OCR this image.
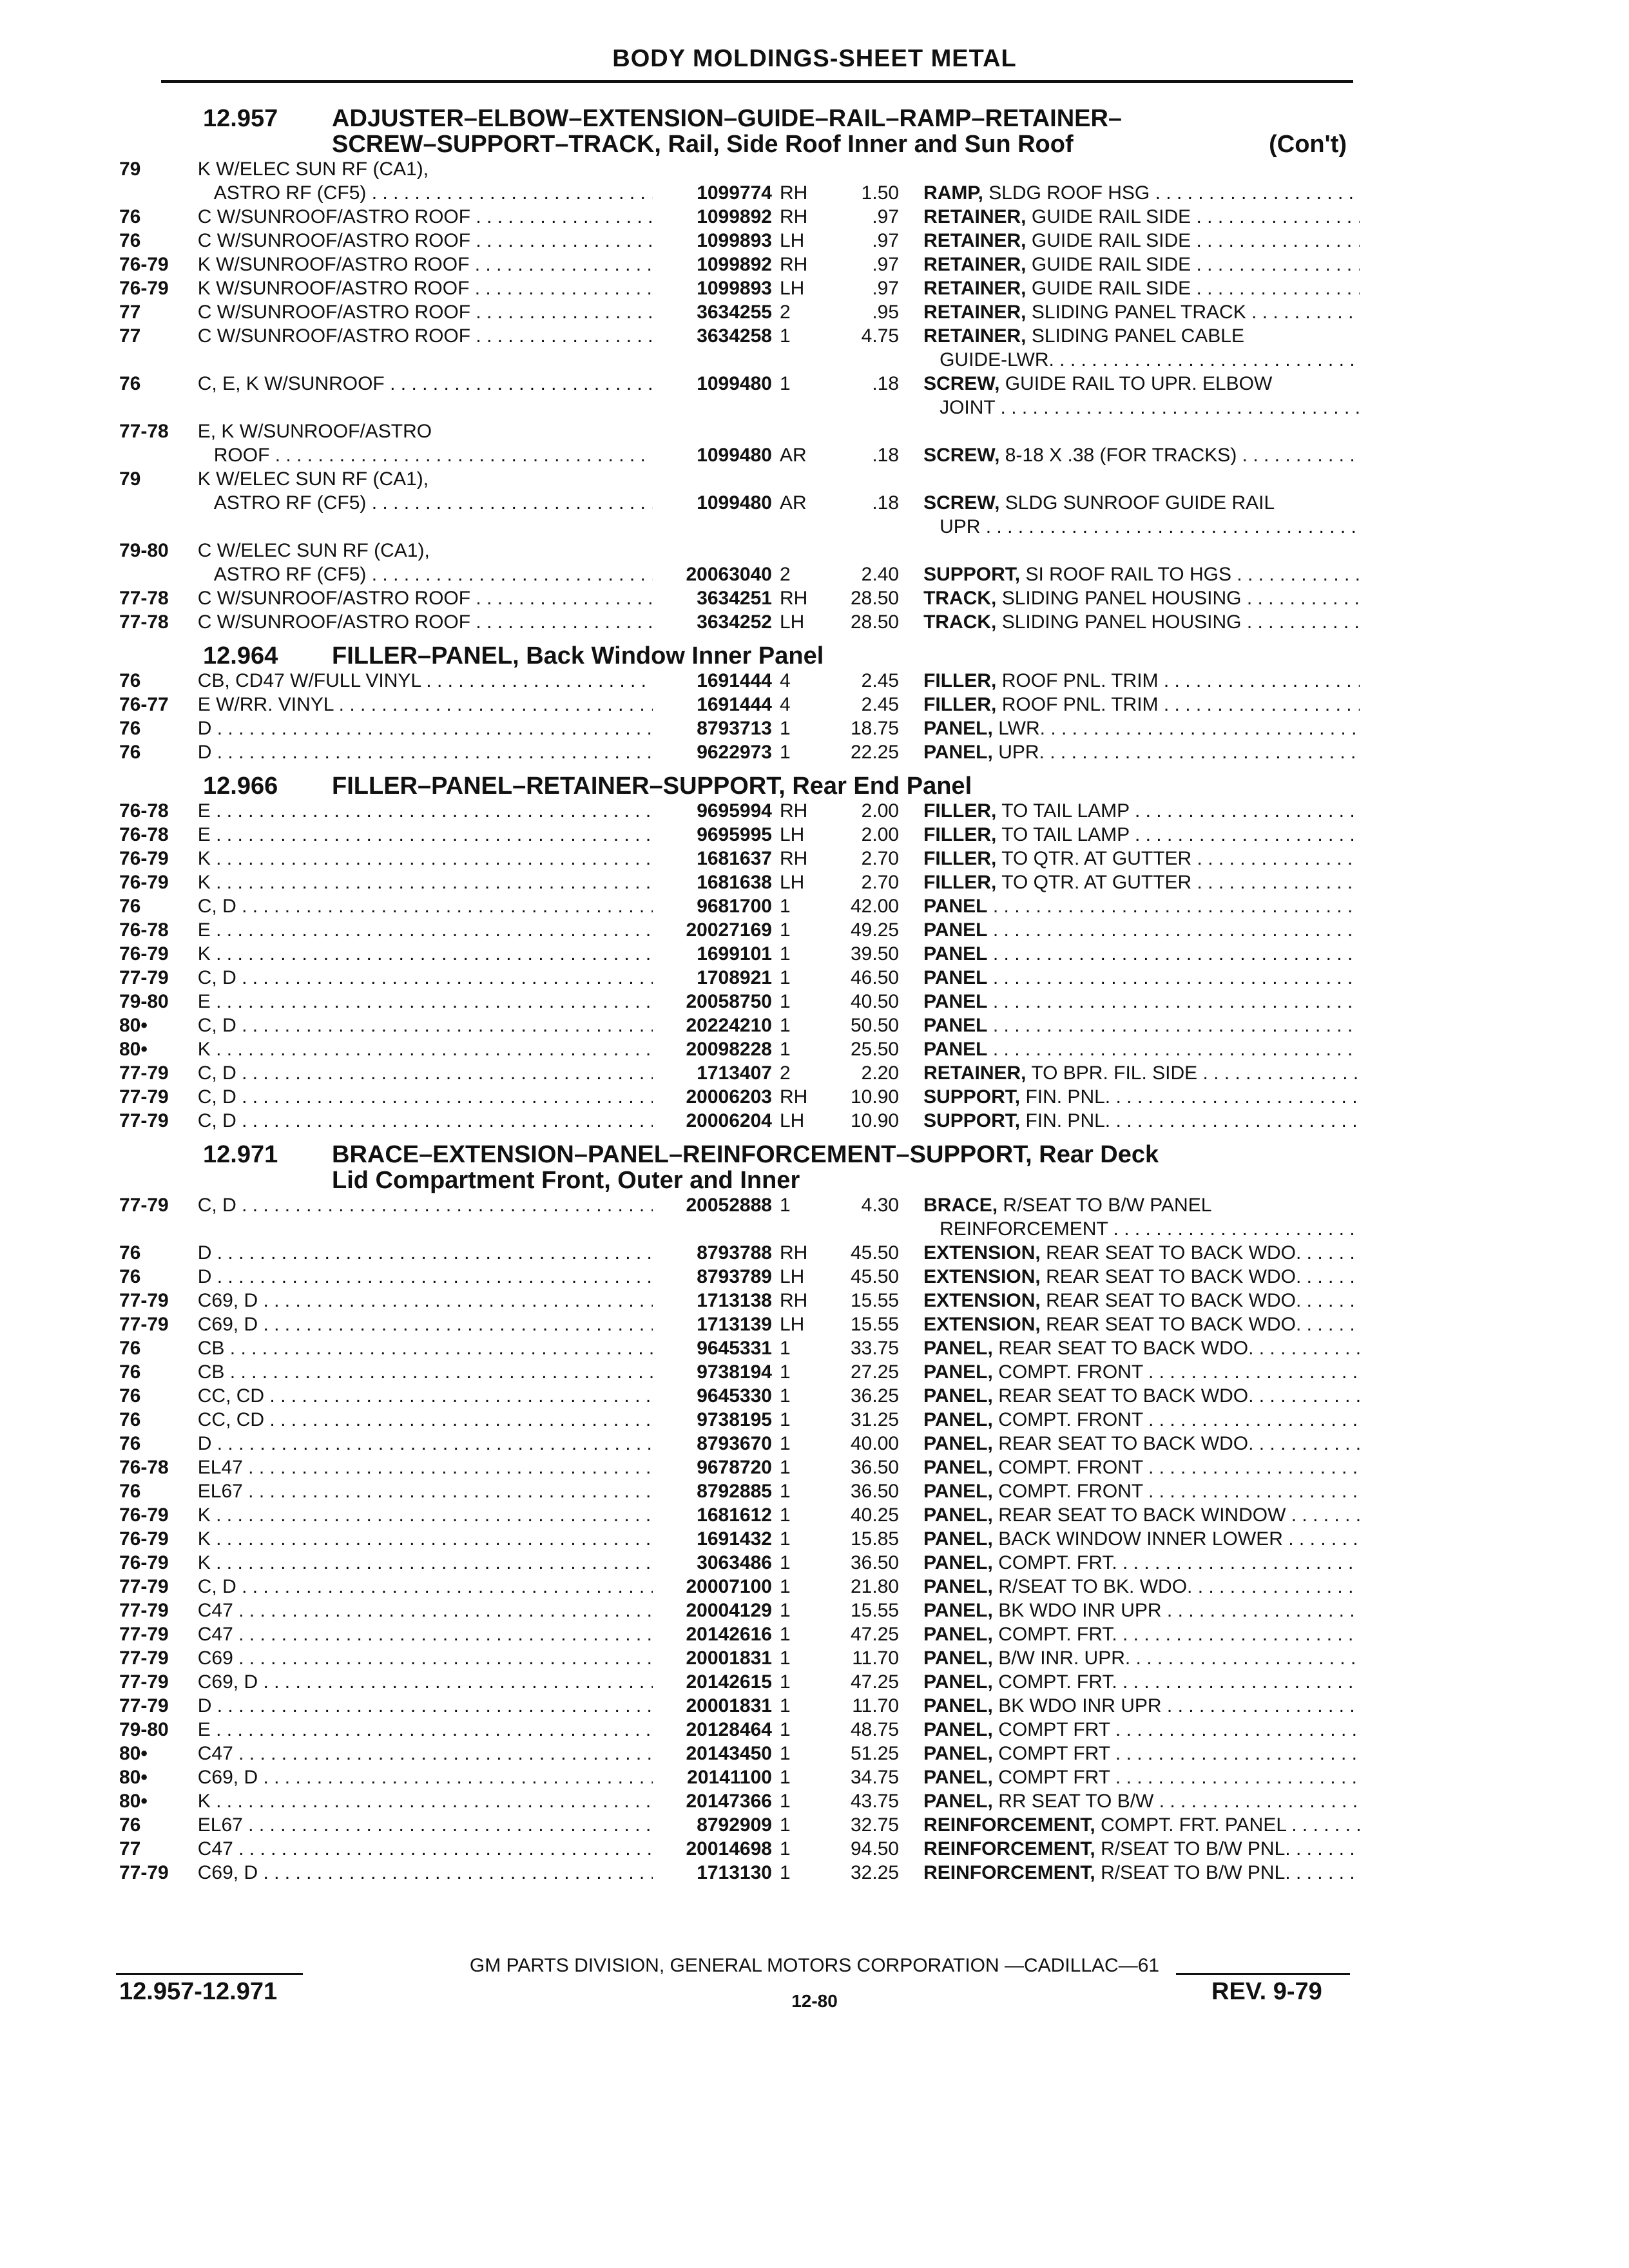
BODY MOLDINGS-SHEET METAL
12.957 ADJUSTER–ELBOW–EXTENSION–GUIDE–RAIL–RAMP–RETAINER–
SCREW–SUPPORT–TRACK, Rail, Side Roof Inner and Sun Roof	(Con't)
79	K W/ELEC SUN RF (CA1),
ASTRO RF (CF5) . . .	1099774 RH	1.50	RAMP, SLDG ROOF HSG . . .
76	C W/SUNROOF/ASTRO ROOF . . .	1099892 RH	.97	RETAINER, GUIDE RAIL SIDE . . .
76	C W/SUNROOF/ASTRO ROOF . . .	1099893 LH	.97	RETAINER, GUIDE RAIL SIDE . . .
76-79	K W/SUNROOF/ASTRO ROOF . . .	1099892 RH	.97	RETAINER, GUIDE RAIL SIDE . . .
76-79	K W/SUNROOF/ASTRO ROOF . . .	1099893 LH	.97	RETAINER, GUIDE RAIL SIDE . . .
77	C W/SUNROOF/ASTRO ROOF . . .	3634255 2	.95	RETAINER, SLIDING PANEL TRACK . . .
77	C W/SUNROOF/ASTRO ROOF . . .	3634258 1	4.75	RETAINER, SLIDING PANEL CABLE
GUIDE-LWR. . . .
76	C, E, K W/SUNROOF . . .	1099480 1	.18	SCREW, GUIDE RAIL TO UPR. ELBOW
JOINT . . .
77-78	E, K W/SUNROOF/ASTRO
ROOF . . .	1099480 AR	.18	SCREW, 8-18 X .38 (FOR TRACKS) . . .
79	K W/ELEC SUN RF (CA1),
ASTRO RF (CF5) . . .	1099480 AR	.18	SCREW, SLDG SUNROOF GUIDE RAIL
UPR . . .
79-80	C W/ELEC SUN RF (CA1),
ASTRO RF (CF5) . . .	20063040 2	2.40	SUPPORT, SI ROOF RAIL TO HGS . . .
77-78	C W/SUNROOF/ASTRO ROOF . . .	3634251 RH	28.50	TRACK, SLIDING PANEL HOUSING . . .
77-78	C W/SUNROOF/ASTRO ROOF . . .	3634252 LH	28.50	TRACK, SLIDING PANEL HOUSING . . .
12.964 FILLER–PANEL, Back Window Inner Panel
76	CB, CD47 W/FULL VINYL . . .	1691444 4	2.45	FILLER, ROOF PNL. TRIM . . .
76-77	E W/RR. VINYL . . .	1691444 4	2.45	FILLER, ROOF PNL. TRIM . . .
76	D . . .	8793713 1	18.75	PANEL, LWR. . . .
76	D . . .	9622973 1	22.25	PANEL, UPR. . . .
12.966 FILLER–PANEL–RETAINER–SUPPORT, Rear End Panel
76-78	E . . .	9695994 RH	2.00	FILLER, TO TAIL LAMP . . .
76-78	E . . .	9695995 LH	2.00	FILLER, TO TAIL LAMP . . .
76-79	K . . .	1681637 RH	2.70	FILLER, TO QTR. AT GUTTER . . .
76-79	K . . .	1681638 LH	2.70	FILLER, TO QTR. AT GUTTER . . .
76	C, D . . .	9681700 1	42.00	PANEL . . .
76-78	E . . .	20027169 1	49.25	PANEL . . .
76-79	K . . .	1699101 1	39.50	PANEL . . .
77-79	C, D . . .	1708921 1	46.50	PANEL . . .
79-80	E . . .	20058750 1	40.50	PANEL . . .
80•	C, D . . .	20224210 1	50.50	PANEL . . .
80•	K . . .	20098228 1	25.50	PANEL . . .
77-79	C, D . . .	1713407 2	2.20	RETAINER, TO BPR. FIL. SIDE . . .
77-79	C, D . . .	20006203 RH	10.90	SUPPORT, FIN. PNL. . . .
77-79	C, D . . .	20006204 LH	10.90	SUPPORT, FIN. PNL. . . .
12.971 BRACE–EXTENSION–PANEL–REINFORCEMENT–SUPPORT, Rear Deck
Lid Compartment Front, Outer and Inner
77-79	C, D . . .	20052888 1	4.30	BRACE, R/SEAT TO B/W PANEL
REINFORCEMENT . . .
76	D . . .	8793788 RH	45.50	EXTENSION, REAR SEAT TO BACK WDO. . . .
76	D . . .	8793789 LH	45.50	EXTENSION, REAR SEAT TO BACK WDO. . . .
77-79	C69, D . . .	1713138 RH	15.55	EXTENSION, REAR SEAT TO BACK WDO. . . .
77-79	C69, D . . .	1713139 LH	15.55	EXTENSION, REAR SEAT TO BACK WDO. . . .
76	CB . . .	9645331 1	33.75	PANEL, REAR SEAT TO BACK WDO. . . .
76	CB . . .	9738194 1	27.25	PANEL, COMPT. FRONT . . .
76	CC, CD . . .	9645330 1	36.25	PANEL, REAR SEAT TO BACK WDO. . . .
76	CC, CD . . .	9738195 1	31.25	PANEL, COMPT. FRONT . . .
76	D . . .	8793670 1	40.00	PANEL, REAR SEAT TO BACK WDO. . . .
76-78	EL47 . . .	9678720 1	36.50	PANEL, COMPT. FRONT . . .
76	EL67 . . .	8792885 1	36.50	PANEL, COMPT. FRONT . . .
76-79	K . . .	1681612 1	40.25	PANEL, REAR SEAT TO BACK WINDOW . . .
76-79	K . . .	1691432 1	15.85	PANEL, BACK WINDOW INNER LOWER . . .
76-79	K . . .	3063486 1	36.50	PANEL, COMPT. FRT. . . .
77-79	C, D . . .	20007100 1	21.80	PANEL, R/SEAT TO BK. WDO. . . .
77-79	C47 . . .	20004129 1	15.55	PANEL, BK WDO INR UPR . . .
77-79	C47 . . .	20142616 1	47.25	PANEL, COMPT. FRT. . . .
77-79	C69 . . .	20001831 1	11.70	PANEL, B/W INR. UPR. . . .
77-79	C69, D . . .	20142615 1	47.25	PANEL, COMPT. FRT. . . .
77-79	D . . .	20001831 1	11.70	PANEL, BK WDO INR UPR . . .
79-80	E . . .	20128464 1	48.75	PANEL, COMPT FRT . . .
80•	C47 . . .	20143450 1	51.25	PANEL, COMPT FRT . . .
80•	C69, D . . .	20141100 1	34.75	PANEL, COMPT FRT . . .
80•	K . . .	20147366 1	43.75	PANEL, RR SEAT TO B/W . . .
76	EL67 . . .	8792909 1	32.75	REINFORCEMENT, COMPT. FRT. PANEL . . .
77	C47 . . .	20014698 1	94.50	REINFORCEMENT, R/SEAT TO B/W PNL. . . .
77-79	C69, D . . .	1713130 1	32.25	REINFORCEMENT, R/SEAT TO B/W PNL. . . .
GM PARTS DIVISION, GENERAL MOTORS CORPORATION —CADILLAC—61
12.957-12.971	12-80	REV. 9-79
